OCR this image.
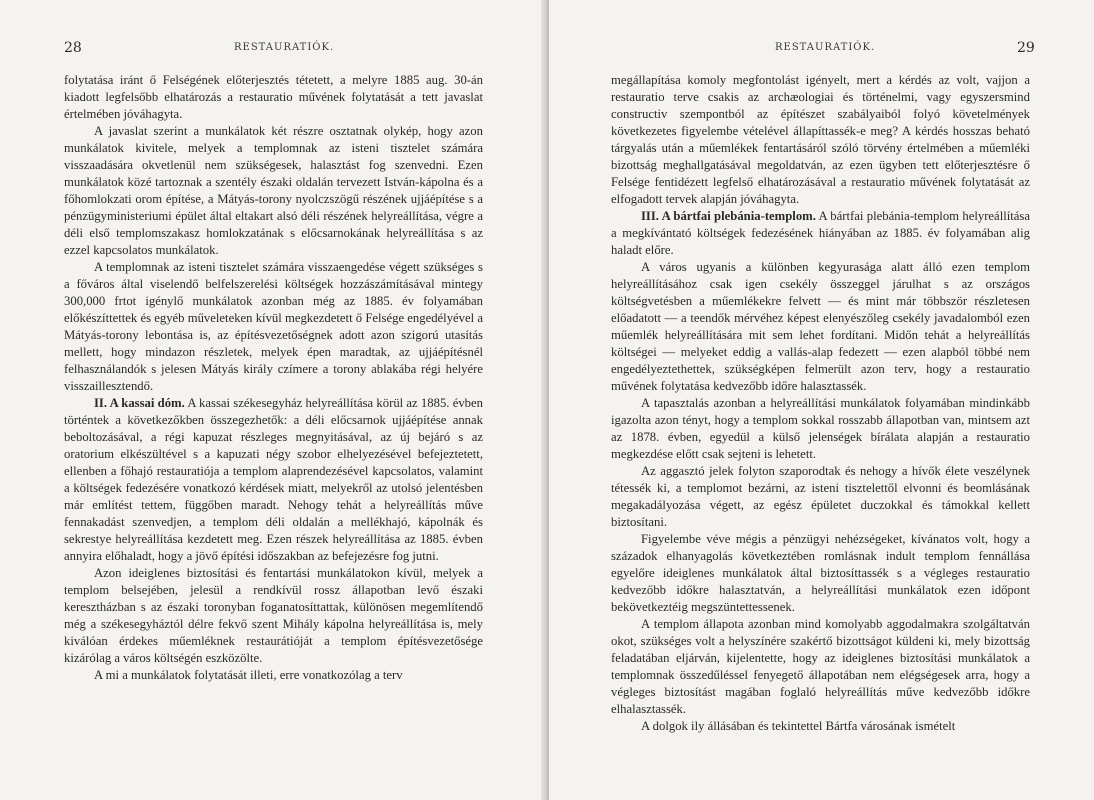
28	RESTAURATIÓK.

folytatása iránt ő Felségének előterjesztés tétetett, a melyre 1885 aug. 30-án kiadott legfelsőbb elhatározás a restauratio művének folytatását a tett javaslat értelmében jóváhagyta.

A javaslat szerint a munkálatok két részre osztatnak olykép, hogy azon munkálatok kivitele, melyek a templomnak az isteni tisztelet számára visszaadására okvetlenül nem szükségesek, halasztást fog szenvedni. Ezen munkálatok közé tartoznak a szentély északi oldalán tervezett István-kápolna és a főhomlokzati orom építése, a Mátyás-torony nyolczszögű részének ujjáépítése s a pénzügyministeriumi épület által eltakart alsó déli részének helyreállítása, végre a déli első templomszakasz homlokzatának s előcsarnokának helyreállítása s az ezzel kapcsolatos munkálatok.

A templomnak az isteni tisztelet számára visszaengedése végett szükséges s a főváros által viselendő belfelszerelési költségek hozzászámításával mintegy 300,000 frtot igénylő munkálatok azonban még az 1885. év folyamában előkészíttettek és egyéb műveleteken kívül megkezdetett ő Felsége engedélyével a Mátyás-torony lebontása is, az építésvezetőségnek adott azon szigorú utasítás mellett, hogy mindazon részletek, melyek épen maradtak, az ujjáépítésnél felhasználandók s jelesen Mátyás király czímere a torony ablakába régi helyére visszaillesztendő.

II. A kassai dóm. A kassai székesegyház helyreállítása körül az 1885. évben történtek a következőkben összegezhetők: a déli előcsarnok ujjáépítése annak beboltozásával, a régi kapuzat részleges megnyitásával, az új bejáró s az oratorium elkészültével s a kapuzati négy szobor elhelyezésével befejeztetett, ellenben a főhajó restauratiója a templom alaprendezésével kapcsolatos, valamint a költségek fedezésére vonatkozó kérdések miatt, melyekről az utolsó jelentésben már említést tettem, függőben maradt. Nehogy tehát a helyreállítás műve fennakadást szenvedjen, a templom déli oldalán a mellékhajó, kápolnák és sekrestye helyreállítása kezdetett meg. Ezen részek helyreállítása az 1885. évben annyira előhaladt, hogy a jövő építési időszakban az befejezésre fog jutni.

Azon ideiglenes biztosítási és fentartási munkálatokon kívül, melyek a templom belsejében, jelesül a rendkívül rossz állapotban levő északi keresztházban s az északi toronyban foganatosíttattak, különösen megemlítendő még a székesegyháztól délre fekvő szent Mihály kápolna helyreállítása is, mely kiválóan érdekes műemléknek restaurátióját a templom építésvezetősége kizárólag a város költségén eszközölte.

A mi a munkálatok folytatását illeti, erre vonatkozólag a terv

RESTAURATIÓK.	29

megállapítása komoly megfontolást igényelt, mert a kérdés az volt, vajjon a restauratio terve csakis az archæologiai és történelmi, vagy egyszersmind constructiv szempontból az építészet szabályaiból folyó követelmények következetes figyelembe vételével állapíttassék-e meg? A kérdés hosszas beható tárgyalás után a műemlékek fentartásáról szóló törvény értelmében a műemléki bizottság meghallgatásával megoldatván, az ezen ügyben tett előterjesztésre ő Felsége fentidézett legfelső elhatározásával a restauratio művének folytatását az elfogadott tervek alapján jóváhagyta.

III. A bártfai plebánia-templom. A bártfai plebánia-templom helyreállítása a megkívántató költségek fedezésének hiányában az 1885. év folyamában alig haladt előre.

A város ugyanis a különben kegyurasága alatt álló ezen templom helyreállításához csak igen csekély összeggel járulhat s az országos költségvetésben a műemlékekre felvett — és mint már többször részletesen előadatott — a teendők mérvéhez képest elenyészőleg csekély javadalomból ezen műemlék helyreállítására mit sem lehet fordítani. Midőn tehát a helyreállítás költségei — melyeket eddig a vallás-alap fedezett — ezen alapból többé nem engedélyeztethettek, szükségképen felmerült azon terv, hogy a restauratio művének folytatása kedvezőbb időre halasztassék.

A tapasztalás azonban a helyreállítási munkálatok folyamában mindinkább igazolta azon tényt, hogy a templom sokkal rosszabb állapotban van, mintsem azt az 1878. évben, egyedül a külső jelenségek bírálata alapján a restauratio megkezdése előtt csak sejteni is lehetett.

Az aggasztó jelek folyton szaporodtak és nehogy a hívők élete veszélynek tétessék ki, a templomot bezárni, az isteni tisztelettől elvonni és beomlásának megakadályozása végett, az egész épületet duczokkal és támokkal kellett biztosítani.

Figyelembe véve mégis a pénzügyi nehézségeket, kívánatos volt, hogy a századok elhanyagolás következtében romlásnak indult templom fennállása egyelőre ideiglenes munkálatok által biztosíttassék s a végleges restauratio kedvezőbb időkre halasztatván, a helyreállítási munkálatok ezen időpont bekövetkeztéig megszüntettessenek.

A templom állapota azonban mind komolyabb aggodalmakra szolgáltatván okot, szükséges volt a helyszínére szakértő bizottságot küldeni ki, mely bizottság feladatában eljárván, kijelentette, hogy az ideiglenes biztosítási munkálatok a templomnak összedűléssel fenyegető állapotában nem elégségesek arra, hogy a végleges biztosítást magában foglaló helyreállítás műve kedvezőbb időkre elhalasztassék.

A dolgok ily állásában és tekintettel Bártfa városának ismételt
